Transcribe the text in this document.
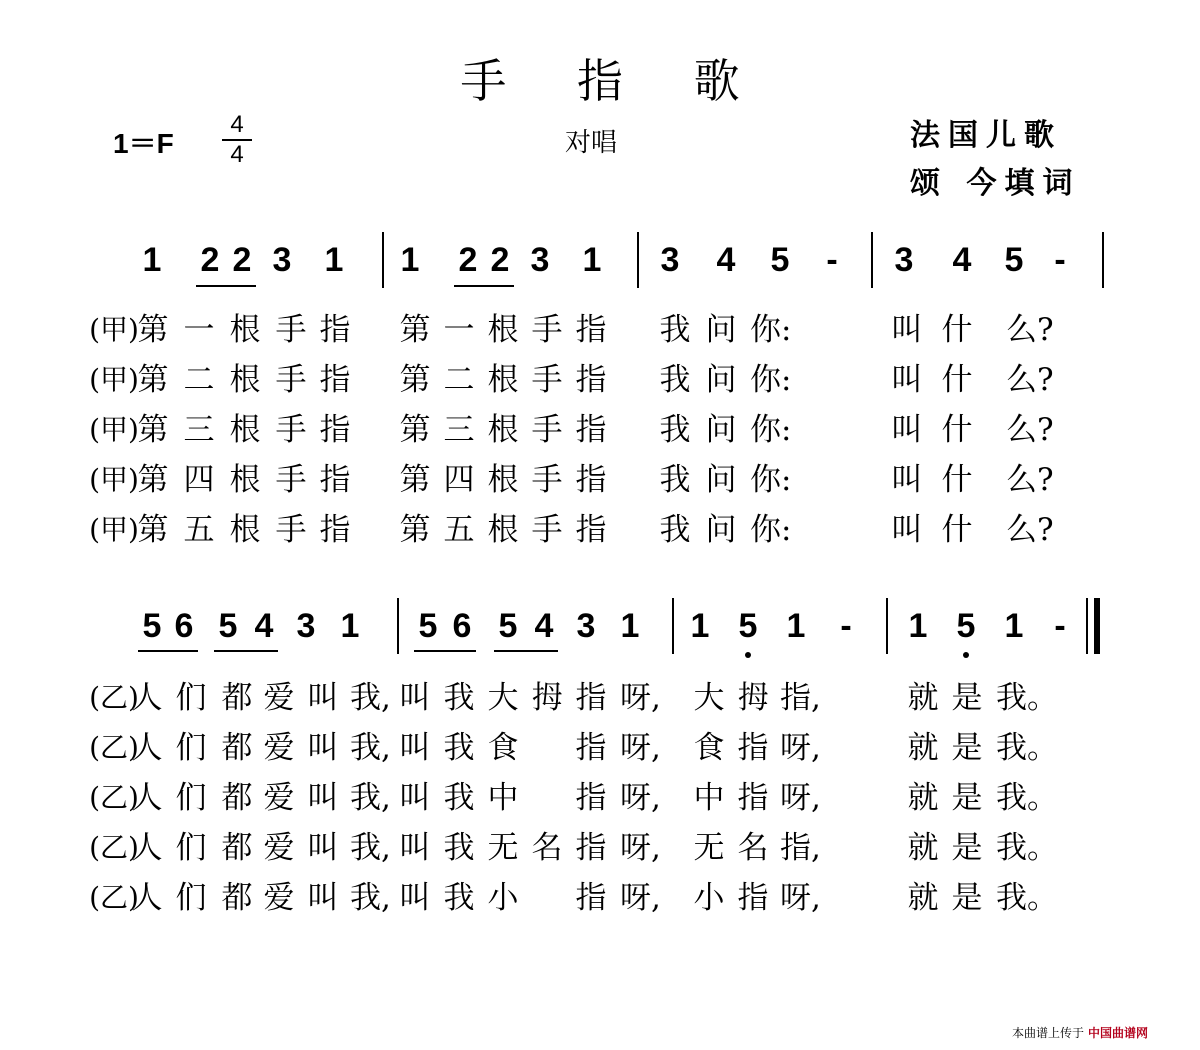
手 指 歌
1＝F
4
4	对唱	法国儿歌
颂 今填词
1 2 2 3 1 1 2 2 3 1 3 4 5 - 3 4 5 -
(甲)
第 一 根 手 指 第 一 根 手 指 我 问 你:	叫 什 么?
(甲)
第 二 根 手 指 第 二 根 手 指 我 问 你:	叫 什 么?
(甲)
第 三 根 手 指 第 三 根 手 指 我 问 你:	叫 什 么?
(甲)
第 四 根 手 指 第 四 根 手 指 我 问 你:	叫 什 么?
(甲)
第 五 根 手 指 第 五 根 手 指 我 问 你:	叫 什 么?
5 6 5 4 3 1 5 6 5 4 3 1 1 5 1 - 1 5 1 -
(乙)
人 们 都 爱 叫 我, 叫 我 大 拇 指 呀, 大 拇 指,	就 是 我。
(乙)
人 们 都 爱 叫 我, 叫 我 食 指 呀, 食 指 呀,	就 是 我。
(乙)
人 们 都 爱 叫 我, 叫 我 中 指 呀, 中 指 呀,	就 是 我。
(乙)
人 们 都 爱 叫 我, 叫 我 无 名 指 呀, 无 名 指,	就 是 我。
(乙)
人 们 都 爱 叫 我, 叫 我 小 指 呀, 小 指 呀,	就 是 我。
本曲谱上传于 中国曲谱网
